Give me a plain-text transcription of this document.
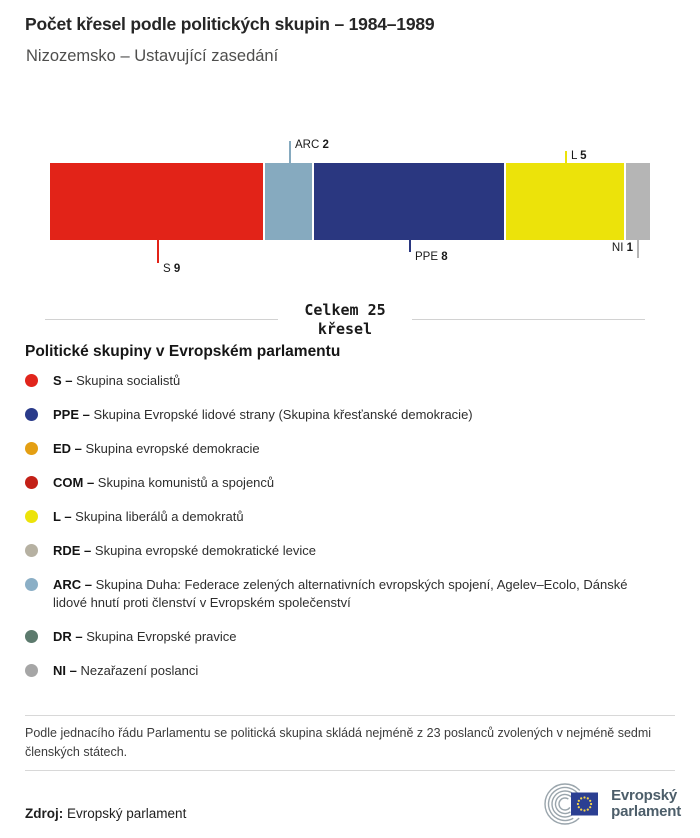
Počet křesel podle politických skupin – 1984–1989
Nizozemsko – Ustavující zasedání
S 9
ARC 2
PPE 8
L 5
NI 1
Celkem 25
křesel
Politické skupiny v Evropském parlamentu
S – Skupina socialistů
PPE – Skupina Evropské lidové strany (Skupina křesťanské demokracie)
ED – Skupina evropské demokracie
COM – Skupina komunistů a spojenců
L – Skupina liberálů a demokratů
RDE – Skupina evropské demokratické levice
ARC – Skupina Duha: Federace zelených alternativních evropských spojení, Agelev–Ecolo, Dánské lidové hnutí proti členství v Evropském společenství
DR – Skupina Evropské pravice
NI – Nezařazení poslanci
Podle jednacího řádu Parlamentu se politická skupina skládá nejméně z 23 poslanců zvolených v nejméně sedmi členských státech.
Zdroj: Evropský parlament
Evropský
parlament
